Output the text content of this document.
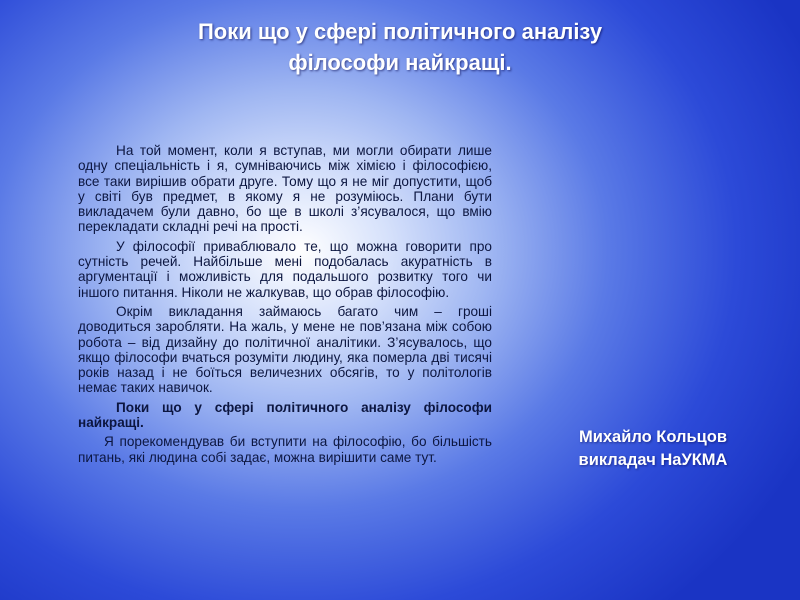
Поки що у сфері політичного аналізу
філософи найкращі.

На той момент, коли я вступав, ми могли обирати лише одну спеціальність і я, сумніваючись між хімією і філософією, все таки вирішив обрати друге. Тому що я не міг допустити, щоб у світі був предмет, в якому я не розуміюсь. Плани бути викладачем були давно, бо ще в школі з’ясувалося, що вмію перекладати складні речі на прості.

У філософії приваблювало те, що можна говорити про сутність речей. Найбільше мені подобалась акуратність в аргументації і можливість для подальшого розвитку того чи іншого питання. Ніколи не жалкував, що обрав філософію.

Окрім викладання займаюсь багато чим – гроші доводиться заробляти. На жаль, у мене не пов’язана між собою робота – від дизайну до політичної аналітики. З’ясувалось, що якщо філософи вчаться розуміти людину, яка померла дві тисячі років назад і не боїться величезних обсягів, то у політологів немає таких навичок.

Поки що у сфері політичного аналізу філософи найкращі.

Я порекомендував би вступити на філософію, бо більшість питань, які людина собі задає, можна вирішити саме тут.

Михайло Кольцов
викладач НаУКМА
